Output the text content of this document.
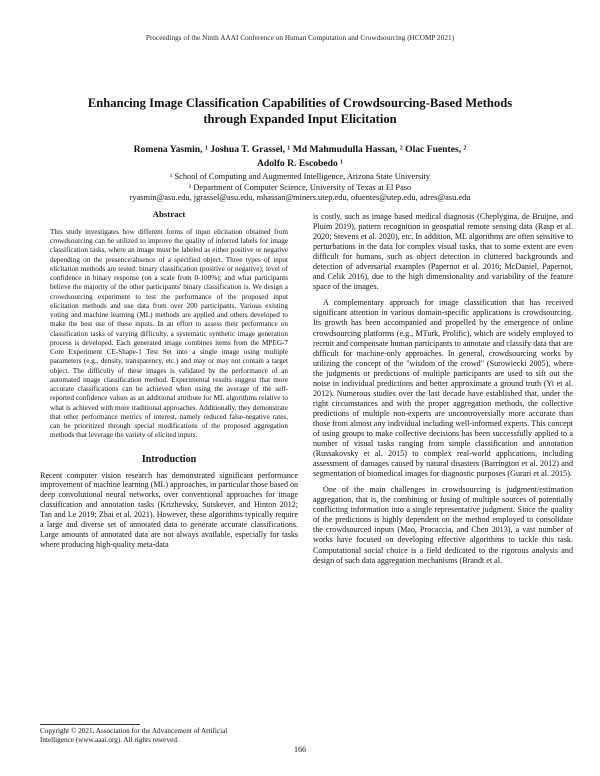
Proceedings of the Ninth AAAI Conference on Human Computation and Crowdsourcing (HCOMP 2021)
Enhancing Image Classification Capabilities of Crowdsourcing-Based Methods
through Expanded Input Elicitation
Romena Yasmin, ¹ Joshua T. Grassel, ¹ Md Mahmudulla Hassan, ² Olac Fuentes, ²
Adolfo R. Escobedo ¹
¹ School of Computing and Augmented Intelligence, Arizona State University
² Department of Computer Science, University of Texas at El Paso
ryasmin@asu.edu, jgrassel@asu.edu, mhassan@miners.utep.edu, ofuentes@utep.edu, adres@asu.edu
Abstract

This study investigates how different forms of input elicitation obtained from crowdsourcing can be utilized to improve the quality of inferred labels for image classification tasks, where an image must be labeled as either positive or negative depending on the presence/absence of a specified object. Three types of input elicitation methods are tested: binary classification (positive or negative); level of confidence in binary response (on a scale from 0-100%); and what participants believe the majority of the other participants' binary classification is. We design a crowdsourcing experiment to test the performance of the proposed input elicitation methods and use data from over 200 participants. Various existing voting and machine learning (ML) methods are applied and others developed to make the best use of these inputs. In an effort to assess their performance on classification tasks of varying difficulty, a systematic synthetic image generation process is developed. Each generated image combines items from the MPEG-7 Core Experiment CE-Shape-1 Test Set into a single image using multiple parameters (e.g., density, transparency, etc.) and may or may not contain a target object. The difficulty of these images is validated by the performance of an automated image classification method. Experimental results suggest that more accurate classifications can be achieved when using the average of the self-reported confidence values as an additional attribute for ML algorithms relative to what is achieved with more traditional approaches. Additionally, they demonstrate that other performance metrics of interest, namely reduced false-negative rates, can be prioritized through special modifications of the proposed aggregation methods that leverage the variety of elicited inputs.

Introduction

Recent computer vision research has demonstrated significant performance improvement of machine learning (ML) approaches, in particular those based on deep convolutional neural networks, over conventional approaches for image classification and annotation tasks (Krizhevsky, Sutskever, and Hinton 2012; Tan and Le 2019; Zhai et al. 2021). However, these algorithms typically require a large and diverse set of annotated data to generate accurate classifications. Large amounts of annotated data are not always available, especially for tasks where producing high-quality meta-data

is costly, such as image based medical diagnosis (Cheplygina, de Bruijne, and Pluim 2019), pattern recognition in geospatial remote sensing data (Rasp et al. 2020; Stevens et al. 2020), etc. In addition, ML algorithms are often sensitive to perturbations in the data for complex visual tasks, that to some extent are even difficult for humans, such as object detection in cluttered backgrounds and detection of adversarial examples (Papernot et al. 2016; McDaniel, Papernot, and Celik 2016), due to the high dimensionality and variability of the feature space of the images.

A complementary approach for image classification that has received significant attention in various domain-specific applications is crowdsourcing. Its growth has been accompanied and propelled by the emergence of online crowdsourcing platforms (e.g., MTurk, Prolific), which are widely employed to recruit and compensate human participants to annotate and classify data that are difficult for machine-only approaches. In general, crowdsourcing works by utilizing the concept of the "wisdom of the crowd" (Surowiecki 2005), where the judgments or predictions of multiple participants are used to sift out the noise in individual predictions and better approximate a ground truth (Yi et al. 2012). Numerous studies over the last decade have established that, under the right circumstances and with the proper aggregation methods, the collective predictions of multiple non-experts are uncontroversially more accurate than those from almost any individual including well-informed experts. This concept of using groups to make collective decisions has been successfully applied to a number of visual tasks ranging from simple classification and annotation (Russakovsky et al. 2015) to complex real-world applications, including assessment of damages caused by natural disasters (Barrington et al. 2012) and segmentation of biomedical images for diagnostic purposes (Gurari et al. 2015).

One of the main challenges in crowdsourcing is judgment/estimation aggregation, that is, the combining or fusing of multiple sources of potentially conflicting information into a single representative judgment. Since the quality of the predictions is highly dependent on the method employed to consolidate the crowdsourced inputs (Mao, Procaccia, and Chen 2013), a vast number of works have focused on developing effective algorithms to tackle this task. Computational social choice is a field dedicated to the rigorous analysis and design of such data aggregation mechanisms (Brandt et al.

Copyright © 2021, Association for the Advancement of Artificial
Intelligence (www.aaai.org). All rights reserved.
166
